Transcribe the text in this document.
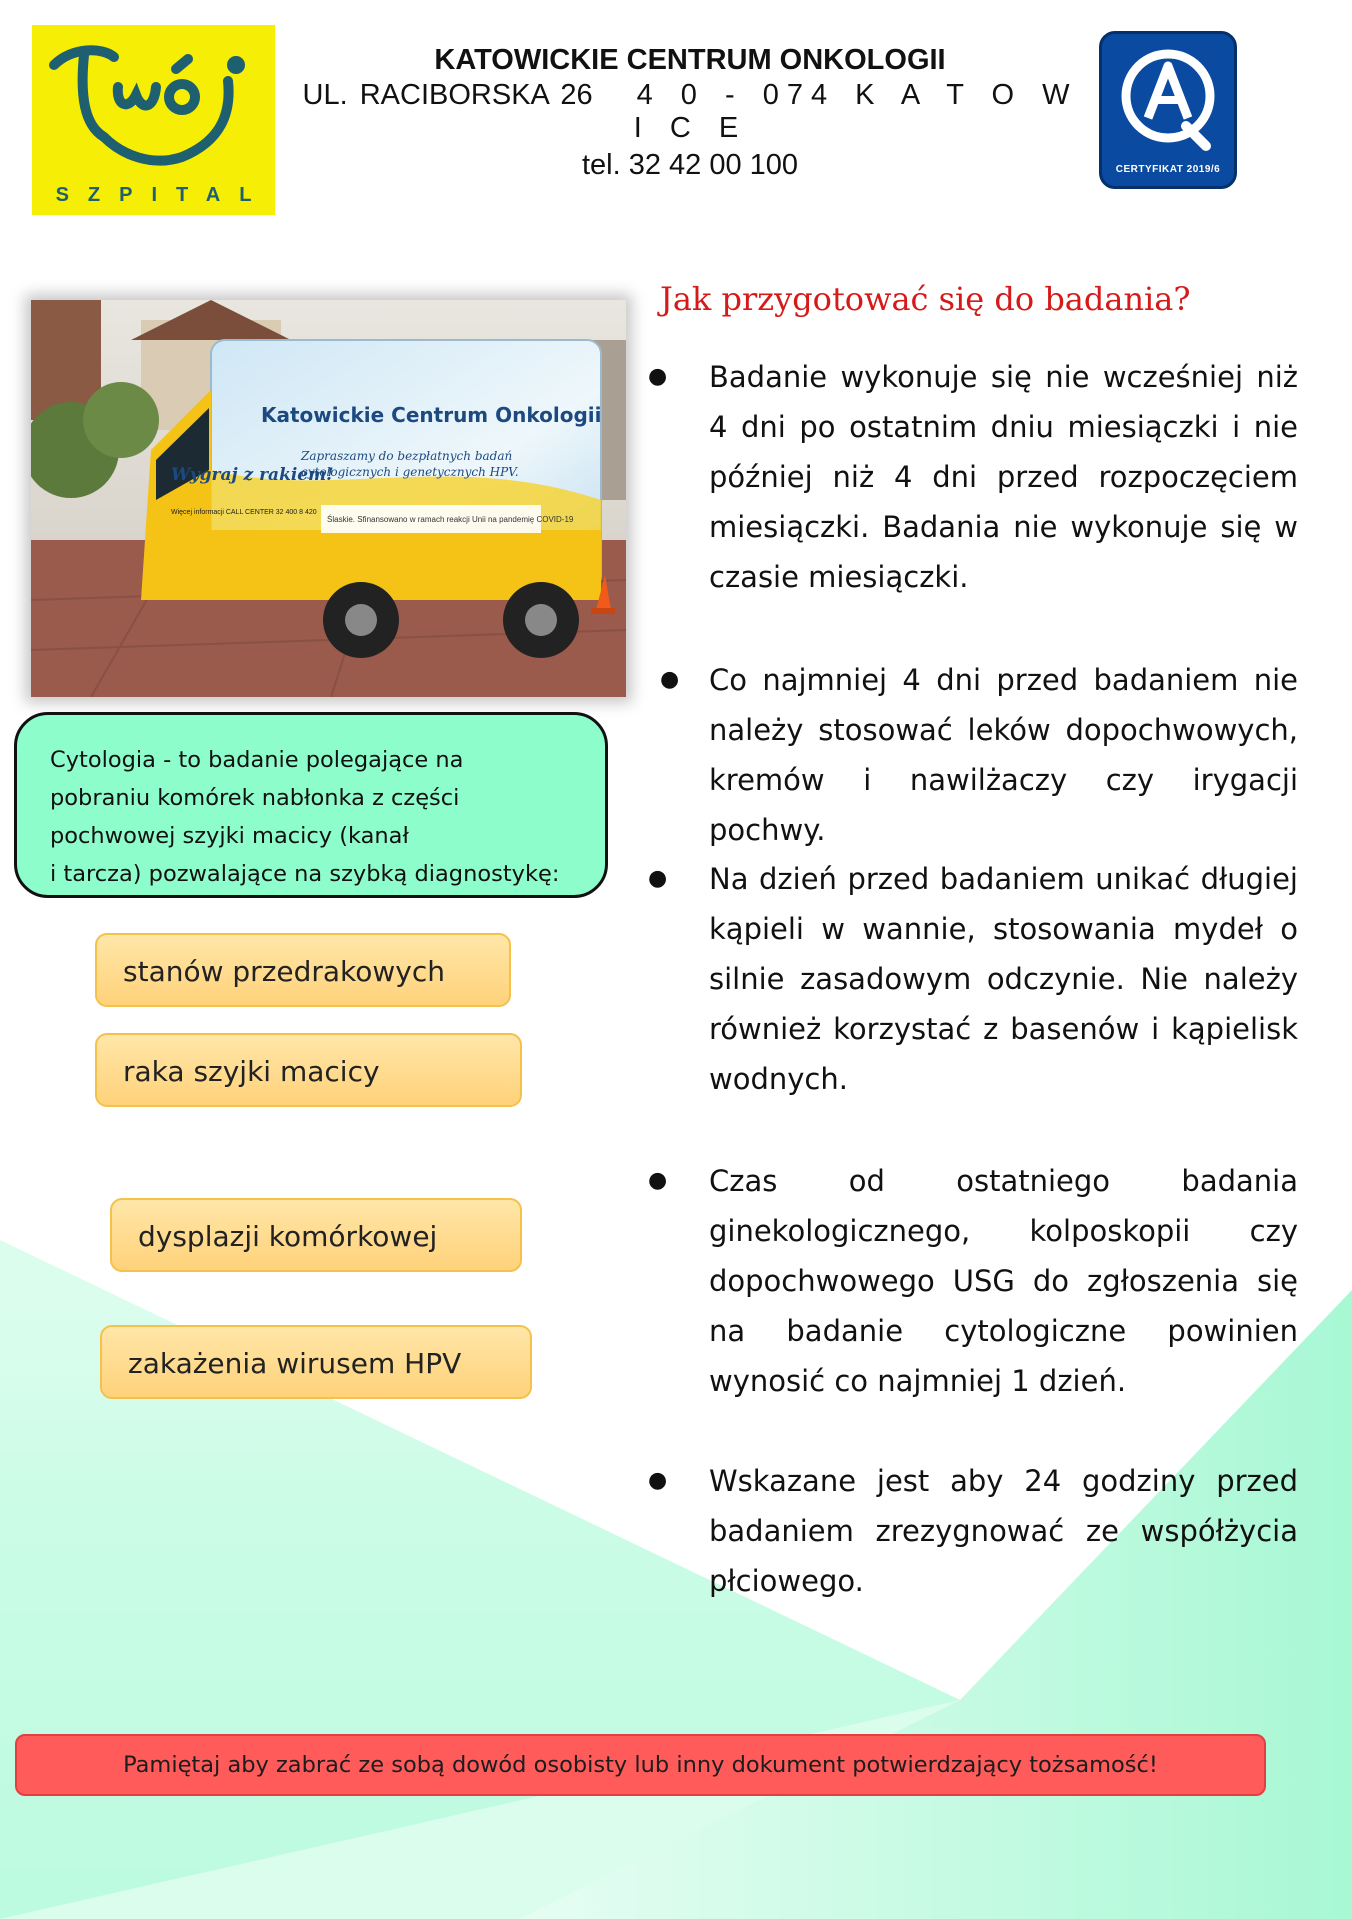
SZPITAL
KATOWICKIE CENTRUM ONKOLOGII
UL. RACIBORSKA 26 4 0 - 074 K A T O W I C E
tel. 32 42 00 100	CERTYFIKAT 2019/6
Katowickie Centrum Onkologii
Wygraj z rakiem!
Zapraszamy do bezpłatnych badań
cytologicznych i genetycznych HPV.
Ślaskie. Sfinansowano w ramach reakcji Unii na pandemię COVID-19
Więcej informacji CALL CENTER 32 400 8 420

Cytologia - to badanie polegające na

pobraniu komórek nabłonka z części

pochwowej szyjki macicy (kanał

i tarcza) pozwalające na szybką diagnostykę:

stanów przedrakowych
raka szyjki macicy
dysplazji komórkowej
zakażenia wirusem HPV
Jak przygotować się do badania?
●	Badanie wykonuje się nie wcześniej niż 4 dni po ostatnim dniu miesiączki i nie później niż 4 dni przed rozpoczęciem miesiączki. Badania nie wykonuje się w czasie miesiączki.
●	Co najmniej 4 dni przed badaniem nie należy stosować leków dopochwowych, kremów i nawilżaczy czy irygacji pochwy.
●	Na dzień przed badaniem unikać długiej kąpieli w wannie, stosowania mydeł o silnie zasadowym odczynie. Nie należy również korzystać z basenów i kąpielisk wodnych.
●	Czas od ostatniego badania ginekologicznego, kolposkopii czy dopochwowego USG do zgłoszenia się na badanie cytologiczne powinien wynosić co najmniej 1 dzień.
●	Wskazane jest aby 24 godziny przed badaniem zrezygnować ze współżycia płciowego.
Pamiętaj aby zabrać ze sobą dowód osobisty lub inny dokument potwierdzający tożsamość!
